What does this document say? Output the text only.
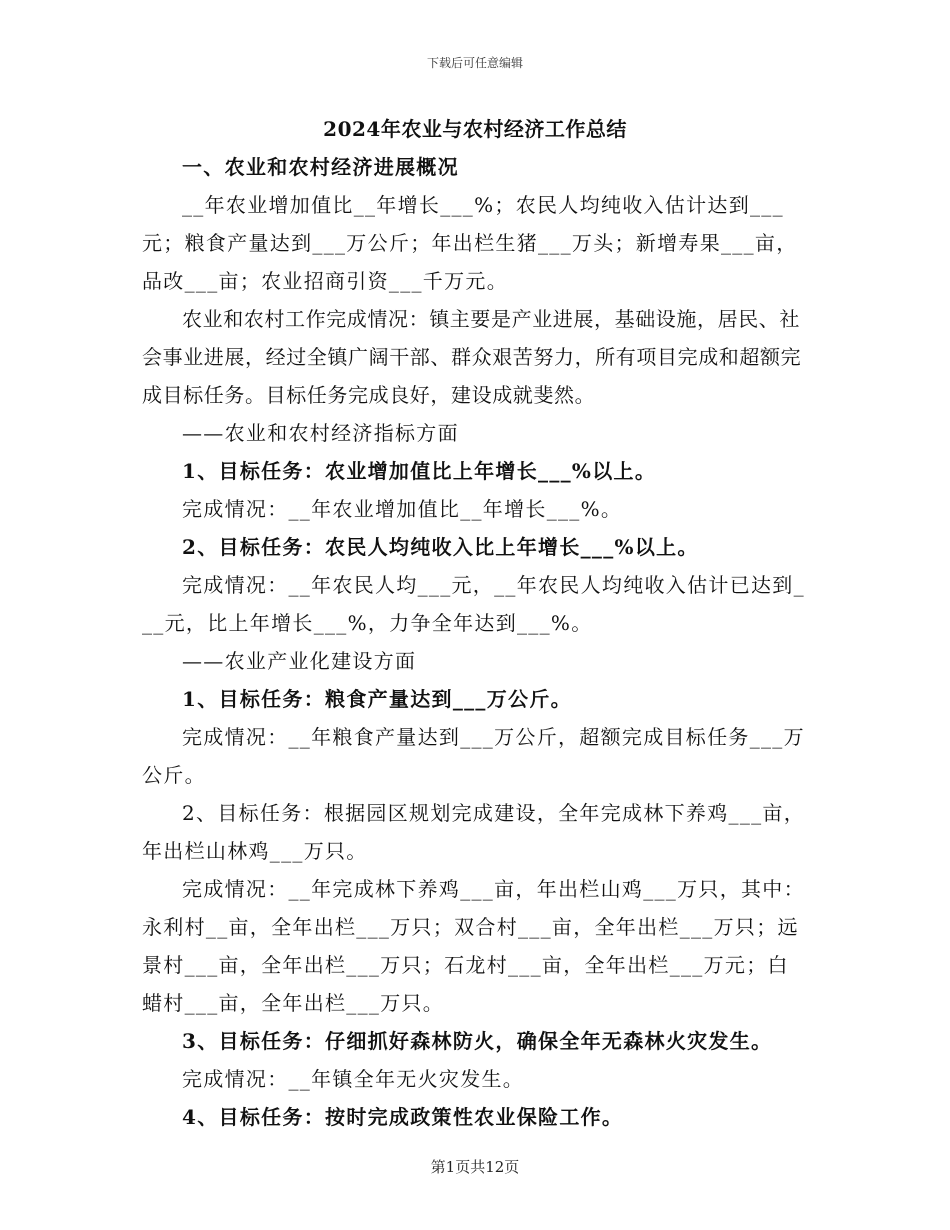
下载后可任意编辑
2024年农业与农村经济工作总结

一、农业和农村经济进展概况

__年农业增加值比__年增长___%；农民人均纯收入估计达到___元；粮食产量达到___万公斤；年出栏生猪___万头；新增寿果___亩，品改___亩；农业招商引资___千万元。

农业和农村工作完成情况：镇主要是产业进展，基础设施，居民、社会事业进展，经过全镇广阔干部、群众艰苦努力，所有项目完成和超额完成目标任务。目标任务完成良好，建设成就斐然。

——农业和农村经济指标方面

1、目标任务：农业增加值比上年增长___%以上。

完成情况：__年农业增加值比__年增长___%。

2、目标任务：农民人均纯收入比上年增长___%以上。

完成情况：__年农民人均___元，__年农民人均纯收入估计已达到___元，比上年增长___%，力争全年达到___%。

——农业产业化建设方面

1、目标任务：粮食产量达到___万公斤。

完成情况：__年粮食产量达到___万公斤，超额完成目标任务___万公斤。

2、目标任务：根据园区规划完成建设，全年完成林下养鸡___亩，年出栏山林鸡___万只。

完成情况：__年完成林下养鸡___亩，年出栏山鸡___万只，其中：永利村__亩，全年出栏___万只；双合村___亩，全年出栏___万只；远景村___亩，全年出栏___万只；石龙村___亩，全年出栏___万元；白蜡村___亩，全年出栏___万只。

3、目标任务：仔细抓好森林防火，确保全年无森林火灾发生。

完成情况：__年镇全年无火灾发生。

4、目标任务：按时完成政策性农业保险工作。

第1页共12页
